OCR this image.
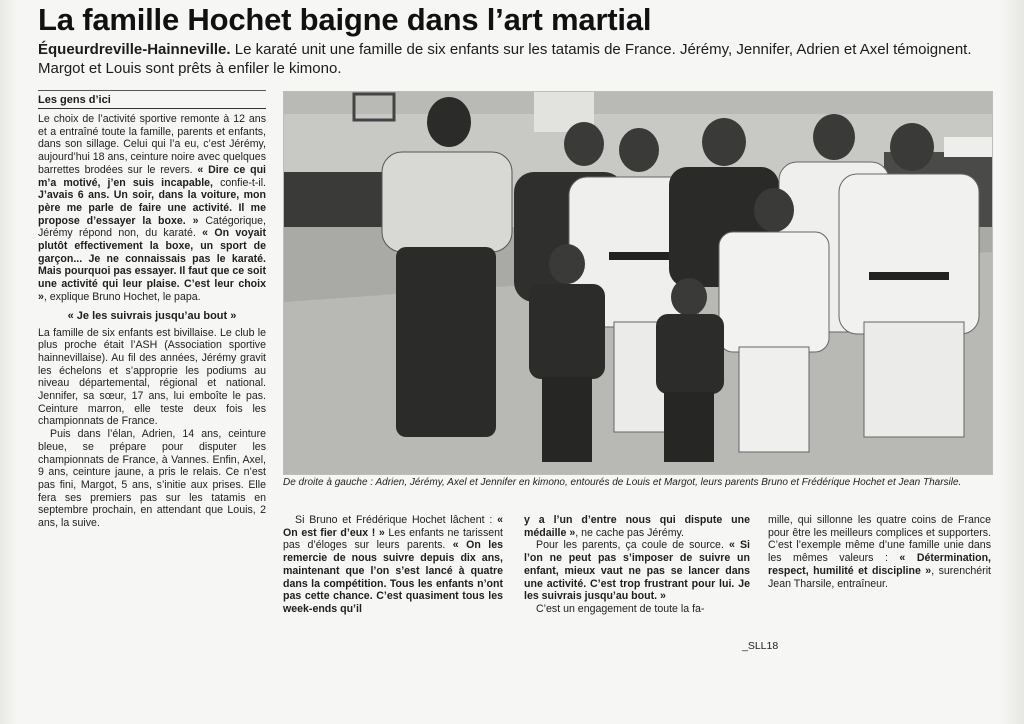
La famille Hochet baigne dans l’art martial
Équeurdreville-Hainneville. Le karaté unit une famille de six enfants sur les tatamis de France. Jérémy, Jennifer, Adrien et Axel témoignent. Margot et Louis sont prêts à enfiler le kimono.
Les gens d’ici

Le choix de l’activité sportive remonte à 12 ans et a entraîné toute la famille, parents et enfants, dans son sillage. Celui qui l’a eu, c’est Jérémy, aujourd’hui 18 ans, ceinture noire avec quelques barrettes brodées sur le revers. « Dire ce qui m’a motivé, j’en suis incapable, confie-t-il. J’avais 6 ans. Un soir, dans la voiture, mon père me parle de faire une activité. Il me propose d’essayer la boxe. » Catégorique, Jérémy répond non, du karaté. « On voyait plutôt effectivement la boxe, un sport de garçon... Je ne connaissais pas le karaté. Mais pourquoi pas essayer. Il faut que ce soit une activité qui leur plaise. C’est leur choix », explique Bruno Hochet, le papa.

« Je les suivrais jusqu’au bout »

La famille de six enfants est bivillaise. Le club le plus proche était l’ASH (Association sportive hainnevillaise). Au fil des années, Jérémy gravit les échelons et s’approprie les podiums au niveau départemental, régional et national. Jennifer, sa sœur, 17 ans, lui emboîte le pas. Ceinture marron, elle teste deux fois les championnats de France.

Puis dans l’élan, Adrien, 14 ans, ceinture bleue, se prépare pour disputer les championnats de France, à Vannes. Enfin, Axel, 9 ans, ceinture jaune, a pris le relais. Ce n’est pas fini, Margot, 5 ans, s’initie aux prises. Elle fera ses premiers pas sur les tatamis en septembre prochain, en attendant que Louis, 2 ans, la suive.

De droite à gauche : Adrien, Jérémy, Axel et Jennifer en kimono, entourés de Louis et Margot, leurs parents Bruno et Frédérique Hochet et Jean Tharsile.

Si Bruno et Frédérique Hochet lâchent : « On est fier d’eux ! » Les enfants ne tarissent pas d’éloges sur leurs parents. « On les remercie de nous suivre depuis dix ans, maintenant que l’on s’est lancé à quatre dans la compétition. Tous les enfants n’ont pas cette chance. C’est quasiment tous les week-ends qu’il

y a l’un d’entre nous qui dispute une médaille », ne cache pas Jérémy.

Pour les parents, ça coule de source. « Si l’on ne peut pas s’imposer de suivre un enfant, mieux vaut ne pas se lancer dans une activité. C’est trop frustrant pour lui. Je les suivrais jusqu’au bout. »

C’est un engagement de toute la fa-

mille, qui sillonne les quatre coins de France pour être les meilleurs complices et supporters. C’est l’exemple même d’une famille unie dans les mêmes valeurs : « Détermination, respect, humilité et discipline », surenchérit Jean Tharsile, entraîneur.

_SLL18
